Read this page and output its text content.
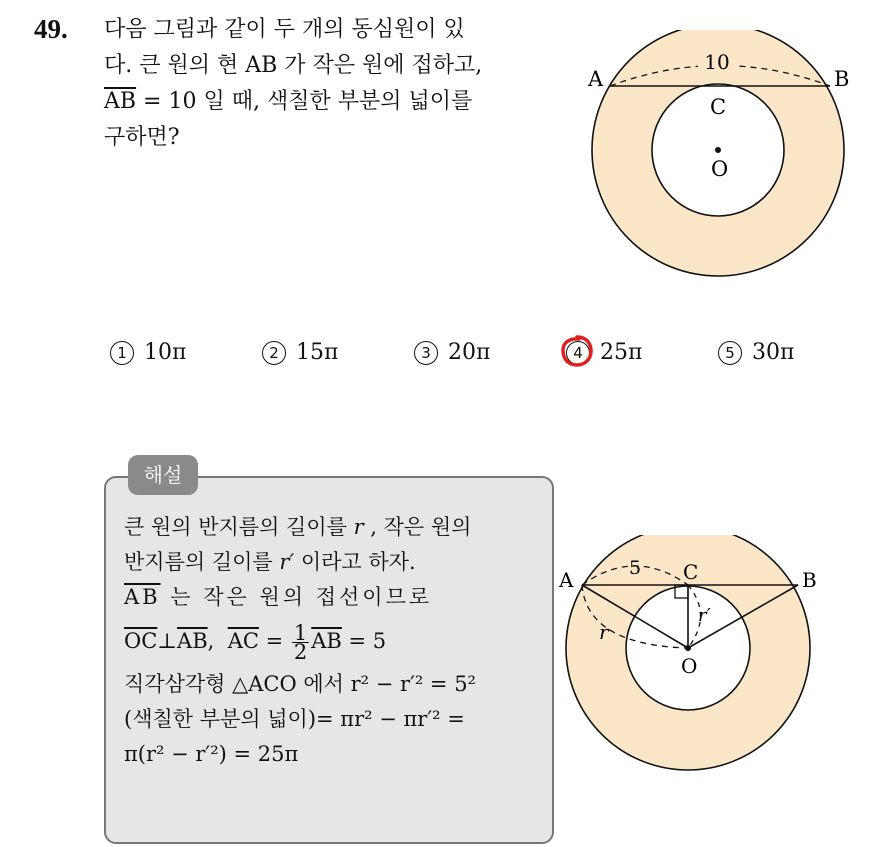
49. 다음 그림과 같이 두 개의 동심원이 있
다. 큰 원의 현 AB 가 작은 원에 접하고,
$\overline{AB} = 10$ 일 때, 색칠한 부분의 넓이를
구하면?
10
A	B
C
O
1 10π	2 15π	3 20π	4 25π	5 30π
해설
큰 원의 반지름의 길이를 r , 작은 원의
반지름의 길이를 r′ 이라고 하자.
$\overline{AB}$ 는 작은 원의 접선이므로
$\overline{OC}\perp\overline{AB}$,  $\overline{AC} = \frac{1}{2} \overline{AB} = 5$
직각삼각형 △ACO 에서 r² − r′² = 5²
(색칠한 부분의 넓이)= πr² − πr′² =
π(r² − r′²) = 25π
5
A	B
C
r
r′
O
